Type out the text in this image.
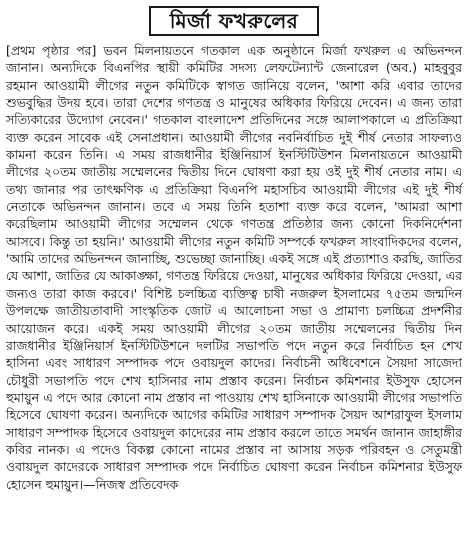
মির্জা ফখরুলের

[প্রথম পৃষ্ঠার পর] ভবন মিলনায়তনে গতকাল এক অনুষ্ঠানে মির্জা ফখরুল এ অভিনন্দন জানান। অন্যদিকে বিএনপির স্থায়ী কমিটির সদস্য লেফটেন্যান্ট জেনারেল (অব.) মাহবুবুর রহমান আওয়ামী লীগের নতুন কমিটিকে স্বাগত জানিয়ে বলেন, 'আশা করি এবার তাদের শুভবুদ্ধির উদয় হবে। তারা দেশের গণতন্ত্র ও মানুষের অধিকার ফিরিয়ে দেবেন। এ জন্য তারা সত্যিকারের উদ্যোগ নেবেন।' গতকাল বাংলাদেশ প্রতিদিনের সঙ্গে আলাপকালে এ প্রতিক্রিয়া ব্যক্ত করেন সাবেক এই সেনাপ্রধান। আওয়ামী লীগের নবনির্বাচিত দুই শীর্ষ নেতার সাফল্যও কামনা করেন তিনি। এ সময় রাজধানীর ইঞ্জিনিয়ার্স ইনস্টিটিউশন মিলনায়তনে আওয়ামী লীগের ২০তম জাতীয় সম্মেলনের দ্বিতীয় দিনে ঘোষণা করা হয় ওই দুই শীর্ষ নেতার নাম। এ তথ্য জানার পর তাৎক্ষণিক এ প্রতিক্রিয়া বিএনপি মহাসচিব আওয়ামী লীগের এই দুই শীর্ষ নেতাকে অভিনন্দন জানান। তবে এ সময় তিনি হতাশা ব্যক্ত করে বলেন, 'আমরা আশা করেছিলাম আওয়ামী লীগের সম্মেলন থেকে গণতন্ত্র প্রতিষ্ঠার জন্য কোনো দিকনির্দেশনা আসবে। কিন্তু তা হয়নি।' আওয়ামী লীগের নতুন কমিটি সম্পর্কে ফখরুল সাংবাদিকদের বলেন, 'আমি তাদের অভিনন্দন জানাচ্ছি, শুভেচ্ছা জানাচ্ছি। একই সঙ্গে এই প্রত্যাশাও করছি, জাতির যে আশা, জাতির যে আকাঙ্ক্ষা, গণতন্ত্র ফিরিয়ে দেওয়া, মানুষের অধিকার ফিরিয়ে দেওয়া, এর জন্যও তারা কাজ করবে।' বিশিষ্ট চলচ্চিত্র ব্যক্তিত্ব চাষী নজরুল ইসলামের ৭৫তম জন্মদিন উপলক্ষে জাতীয়তাবাদী সাংস্কৃতিক জোট এ আলোচনা সভা ও প্রামাণ্য চলচ্চিত্র প্রদর্শনীর আয়োজন করে। একই সময় আওয়ামী লীগের ২০তম জাতীয় সম্মেলনের দ্বিতীয় দিন রাজধানীর ইঞ্জিনিয়ার্স ইনস্টিটিউশনে দলটির সভাপতি পদে নতুন করে নির্বাচিত হন শেখ হাসিনা এবং সাধারণ সম্পাদক পদে ওবায়দুল কাদের। নির্বাচনী অধিবেশনে সৈয়দা সাজেদা চৌধুরী সভাপতি পদে শেখ হাসিনার নাম প্রস্তাব করেন। নির্বাচন কমিশনার ইউসুফ হোসেন হুমায়ুন এ পদে আর কোনো নাম প্রস্তাব না পাওয়ায় শেখ হাসিনাকে আওয়ামী লীগের সভাপতি হিসেবে ঘোষণা করেন। অন্যদিকে আগের কমিটির সাধারণ সম্পাদক সৈয়দ আশরাফুল ইসলাম সাধারণ সম্পাদক হিসেবে ওবায়দুল কাদেরের নাম প্রস্তাব করলে তাতে সমর্থন জানান জাহাঙ্গীর কবির নানক। এ পদেও বিকল্প কোনো নামের প্রস্তাব না আসায় সড়ক পরিবহন ও সেতুমন্ত্রী ওবায়দুল কাদেরকে সাধারণ সম্পাদক পদে নির্বাচিত ঘোষণা করেন নির্বাচন কমিশনার ইউসুফ হোসেন হুমায়ুন।—নিজস্ব প্রতিবেদক
